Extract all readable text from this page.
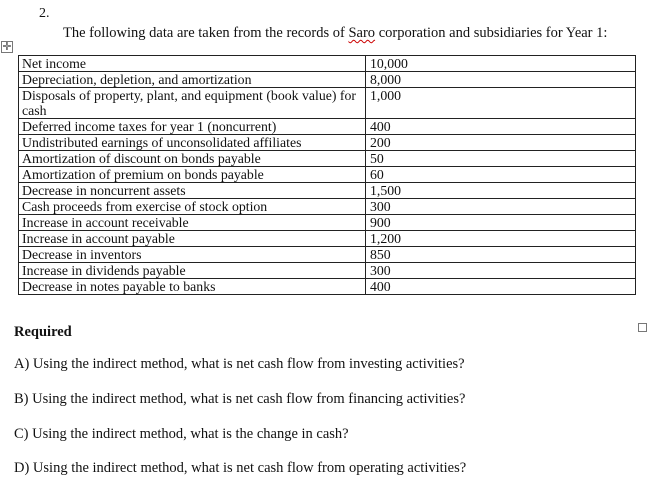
2.
The following data are taken from the records of Saro corporation and subsidiaries for Year 1:
✛
Net income	10,000
Depreciation, depletion, and amortization	8,000
Disposals of property, plant, and equipment (book value) for cash	1,000
Deferred income taxes for year 1 (noncurrent)	400
Undistributed earnings of unconsolidated affiliates	200
Amortization of discount on bonds payable	50
Amortization of premium on bonds payable	60
Decrease in noncurrent assets	1,500
Cash proceeds from exercise of stock option	300
Increase in account receivable	900
Increase in account payable	1,200
Decrease in inventors	850
Increase in dividends payable	300
Decrease in notes payable to banks	400
Required
A) Using the indirect method, what is net cash flow from investing activities?
B) Using the indirect method, what is net cash flow from financing activities?
C) Using the indirect method, what is the change in cash?
D) Using the indirect method, what is net cash flow from operating activities?
